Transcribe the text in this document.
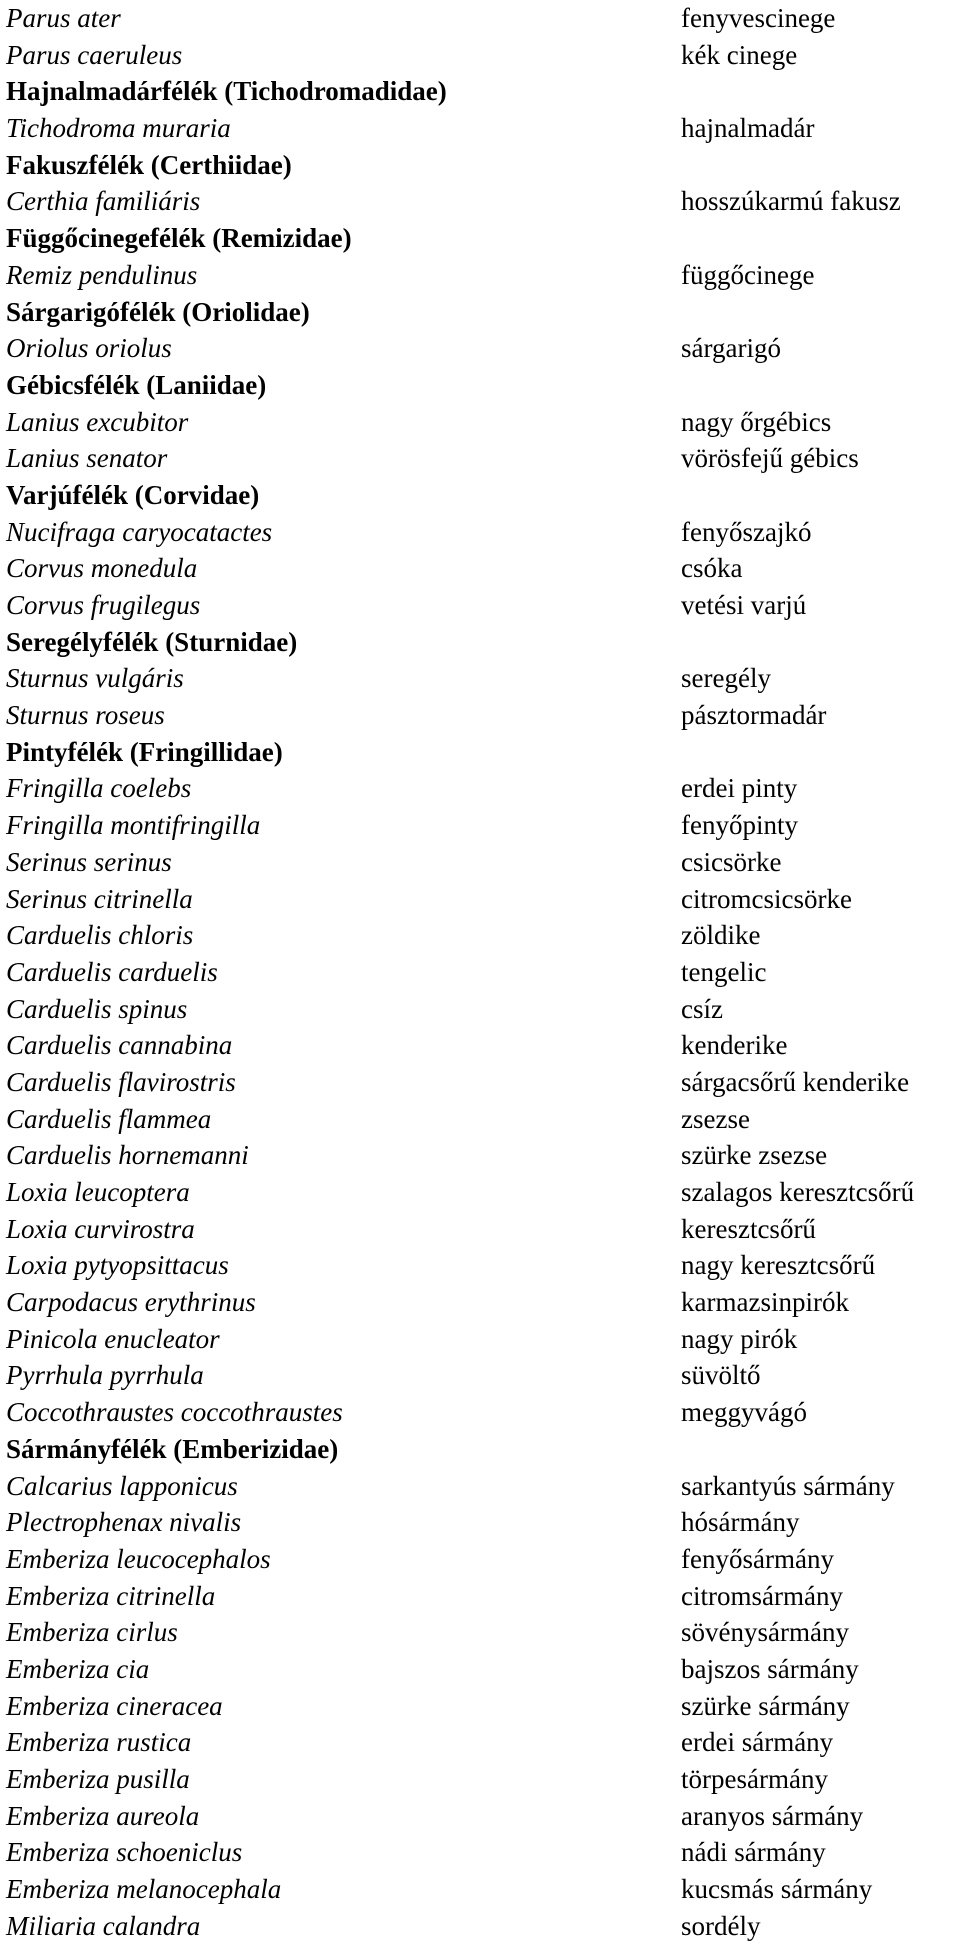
Parus ater	fenyvescinege
Parus caeruleus	kék cinege
Hajnalmadárfélék (Tichodromadidae)
Tichodroma muraria	hajnalmadár
Fakuszfélék (Certhiidae)
Certhia familiáris	hosszúkarmú fakusz
Függőcinegefélék (Remizidae)
Remiz pendulinus	függőcinege
Sárgarigófélék (Oriolidae)
Oriolus oriolus	sárgarigó
Gébicsfélék (Laniidae)
Lanius excubitor	nagy őrgébics
Lanius senator	vörösfejű gébics
Varjúfélék (Corvidae)
Nucifraga caryocatactes	fenyőszajkó
Corvus monedula	csóka
Corvus frugilegus	vetési varjú
Seregélyfélék (Sturnidae)
Sturnus vulgáris	seregély
Sturnus roseus	pásztormadár
Pintyfélék (Fringillidae)
Fringilla coelebs	erdei pinty
Fringilla montifringilla	fenyőpinty
Serinus serinus	csicsörke
Serinus citrinella	citromcsicsörke
Carduelis chloris	zöldike
Carduelis carduelis	tengelic
Carduelis spinus	csíz
Carduelis cannabina	kenderike
Carduelis flavirostris	sárgacsőrű kenderike
Carduelis flammea	zsezse
Carduelis hornemanni	szürke zsezse
Loxia leucoptera	szalagos keresztcsőrű
Loxia curvirostra	keresztcsőrű
Loxia pytyopsittacus	nagy keresztcsőrű
Carpodacus erythrinus	karmazsinpirók
Pinicola enucleator	nagy pirók
Pyrrhula pyrrhula	süvöltő
Coccothraustes coccothraustes	meggyvágó
Sármányfélék (Emberizidae)
Calcarius lapponicus	sarkantyús sármány
Plectrophenax nivalis	hósármány
Emberiza leucocephalos	fenyősármány
Emberiza citrinella	citromsármány
Emberiza cirlus	sövénysármány
Emberiza cia	bajszos sármány
Emberiza cineracea	szürke sármány
Emberiza rustica	erdei sármány
Emberiza pusilla	törpesármány
Emberiza aureola	aranyos sármány
Emberiza schoeniclus	nádi sármány
Emberiza melanocephala	kucsmás sármány
Miliaria calandra	sordély
